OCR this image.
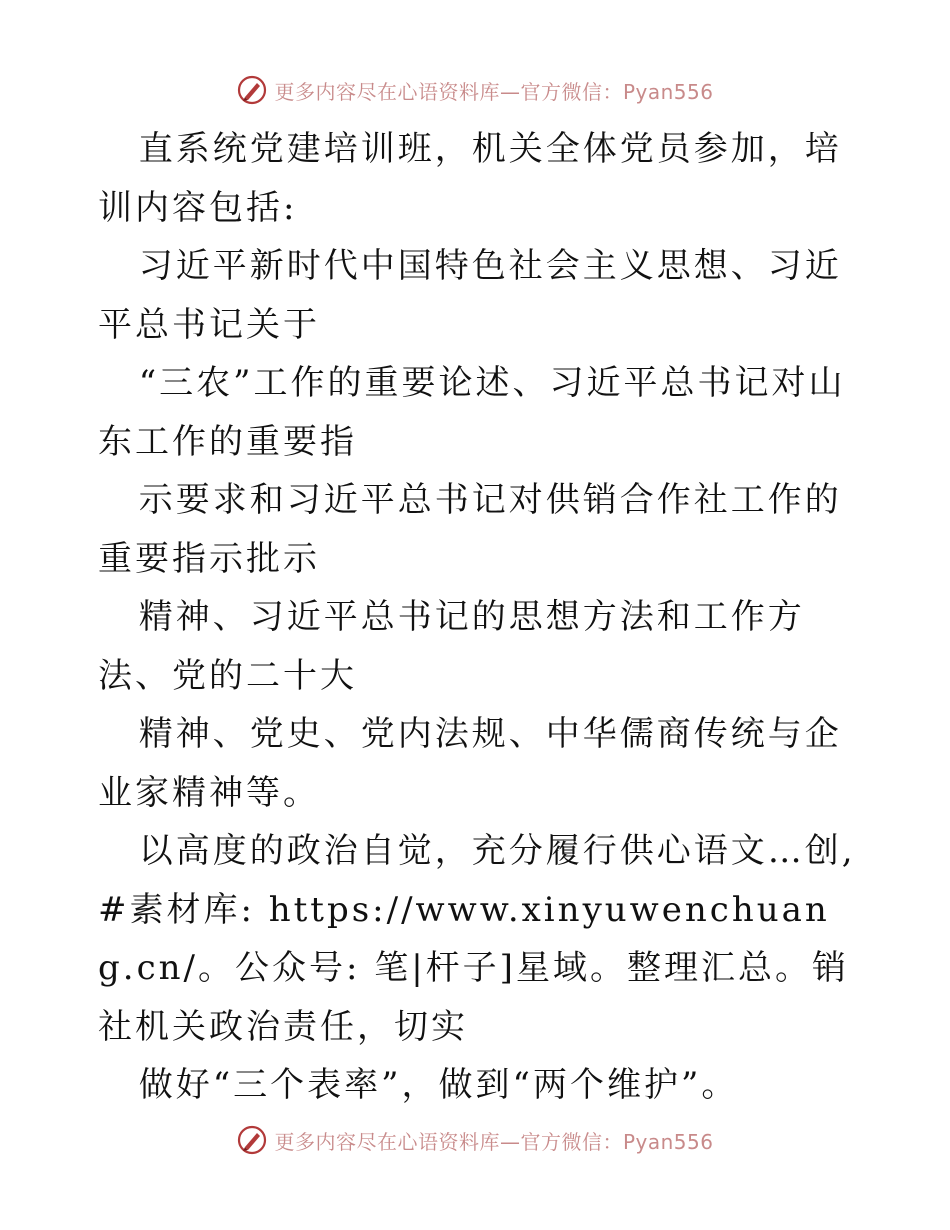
更多内容尽在心语资料库—官方微信：Pyan556

直系统党建培训班，机关全体党员参加，培训内容包括:

习近平新时代中国特色社会主义思想、习近平总书记关于

“三农”工作的重要论述、习近平总书记对山东工作的重要指

示要求和习近平总书记对供销合作社工作的重要指示批示

精神、习近平总书记的思想方法和工作方法、党的二十大

精神、党史、党内法规、中华儒商传统与企业家精神等。

以高度的政治自觉，充分履行供心语文…创,#素材库: https://www.xinyuwenchuang.cn/。公众号: 笔|杆子]星域。整理汇总。销社机关政治责任，切实

做好“三个表率”，做到“两个维护”。

更多内容尽在心语资料库—官方微信：Pyan556
